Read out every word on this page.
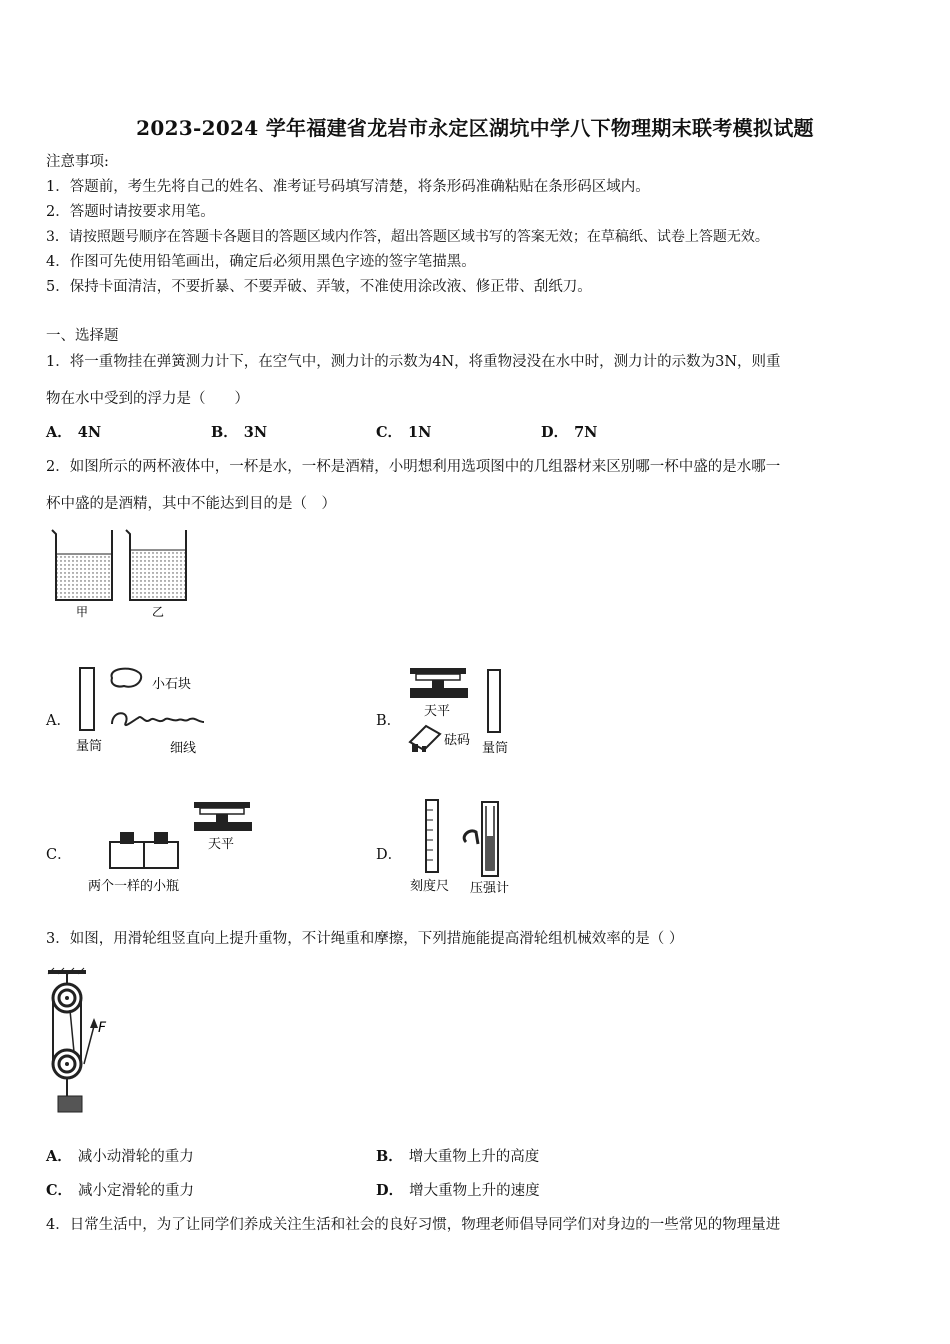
2023-2024 学年福建省龙岩市永定区湖坑中学八下物理期末联考模拟试题
注意事项:
1．答题前，考生先将自己的姓名、准考证号码填写清楚，将条形码准确粘贴在条形码区域内。
2．答题时请按要求用笔。
3．请按照题号顺序在答题卡各题目的答题区域内作答，超出答题区域书写的答案无效；在草稿纸、试卷上答题无效。
4．作图可先使用铅笔画出，确定后必须用黑色字迹的签字笔描黑。
5．保持卡面清洁，不要折暴、不要弄破、弄皱，不准使用涂改液、修正带、刮纸刀。
一、选择题
1．将一重物挂在弹簧测力计下，在空气中，测力计的示数为4N，将重物浸没在水中时，测力计的示数为3N，则重
物在水中受到的浮力是（　　）
A． 4N	B． 3N	C． 1N	D． 7N
2．如图所示的两杯液体中，一杯是水，一杯是酒精，小明想利用选项图中的几组器材来区别哪一杯中盛的是水哪一
杯中盛的是酒精，其中不能达到目的是（　）
甲	乙
A．
小石块
量筒	细线
B．
天平
砝码
量筒
C．
天平
两个一样的小瓶
D．
刻度尺 压强计
3．如图，用滑轮组竖直向上提升重物，不计绳重和摩擦，下列措施能提高滑轮组机械效率的是（ ）
F
A． 减小动滑轮的重力	B． 增大重物上升的高度
C． 减小定滑轮的重力	D． 增大重物上升的速度
4．日常生活中，为了让同学们养成关注生活和社会的良好习惯，物理老师倡导同学们对身边的一些常见的物理量进
